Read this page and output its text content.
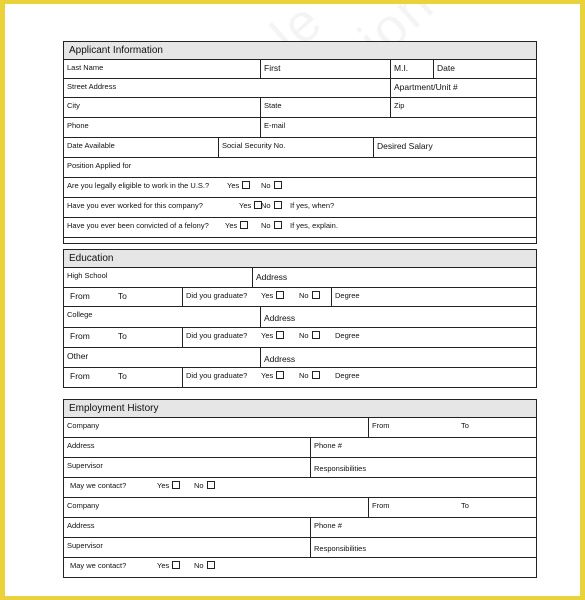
Applicant Information
Last Name	First	M.I.	Date
Street Address	Apartment/Unit #
City	State	Zip
Phone	E-mail
Date Available	Social Security No.	Desired Salary
Position Applied for
Are you legally eligible to work in the U.S.? Yes	No
Have you ever worked for this company?	Yes	No	If yes, when?
Have you ever been convicted of a felony? Yes	No	If yes, explain.
Education
High School	Address
From	To	Did you graduate?	Yes	No	Degree
College	Address
From	To	Did you graduate?	Yes	No	Degree
Other	Address
From	To	Did you graduate?	Yes	No	Degree
Employment History
Company	From	To
Address	Phone #
Supervisor	Responsibilities
May we contact?	Yes	No
Company	From	To
Address	Phone #
Supervisor	Responsibilities
May we contact?	Yes	No
